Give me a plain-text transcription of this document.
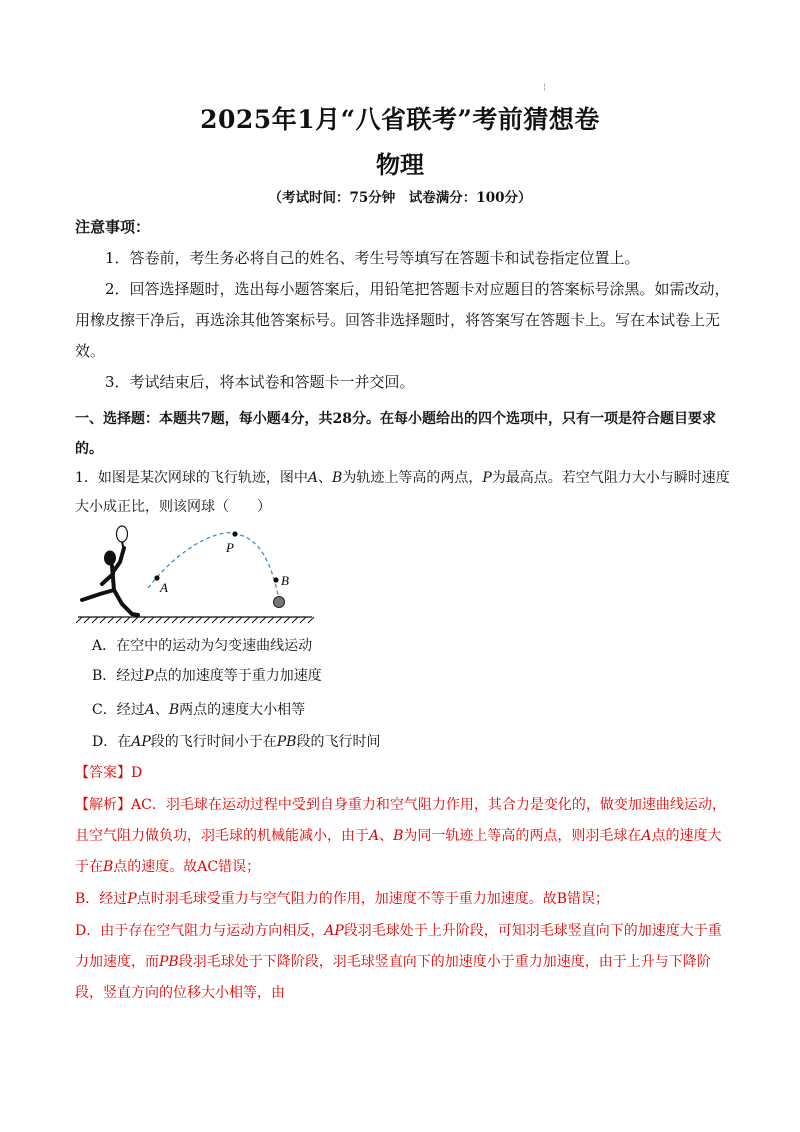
¦
2025年1月“八省联考”考前猜想卷
物理
（考试时间：75分钟　试卷满分：100分）
注意事项：
1．答卷前，考生务必将自己的姓名、考生号等填写在答题卡和试卷指定位置上。
2．回答选择题时，选出每小题答案后，用铅笔把答题卡对应题目的答案标号涂黑。如需改动，用橡皮擦干净后，再选涂其他答案标号。回答非选择题时，将答案写在答题卡上。写在本试卷上无效。
3．考试结束后，将本试卷和答题卡一并交回。
一、选择题：本题共7题，每小题4分，共28分。在每小题给出的四个选项中，只有一项是符合题目要求的。
1．如图是某次网球的飞行轨迹，图中A、B为轨迹上等高的两点，P为最高点。若空气阻力大小与瞬时速度大小成正比，则该网球（　　）
P
A	B
A．在空中的运动为匀变速曲线运动
B．经过P点的加速度等于重力加速度
C．经过A、B两点的速度大小相等
D．在AP段的飞行时间小于在PB段的飞行时间
【答案】D
【解析】AC．羽毛球在运动过程中受到自身重力和空气阻力作用，其合力是变化的，做变加速曲线运动，且空气阻力做负功，羽毛球的机械能减小，由于A、B为同一轨迹上等高的两点，则羽毛球在A点的速度大于在B点的速度。故AC错误；
B．经过P点时羽毛球受重力与空气阻力的作用，加速度不等于重力加速度。故B错误；
D．由于存在空气阻力与运动方向相反，AP段羽毛球处于上升阶段，可知羽毛球竖直向下的加速度大于重力加速度，而PB段羽毛球处于下降阶段，羽毛球竖直向下的加速度小于重力加速度，由于上升与下降阶段，竖直方向的位移大小相等，由
